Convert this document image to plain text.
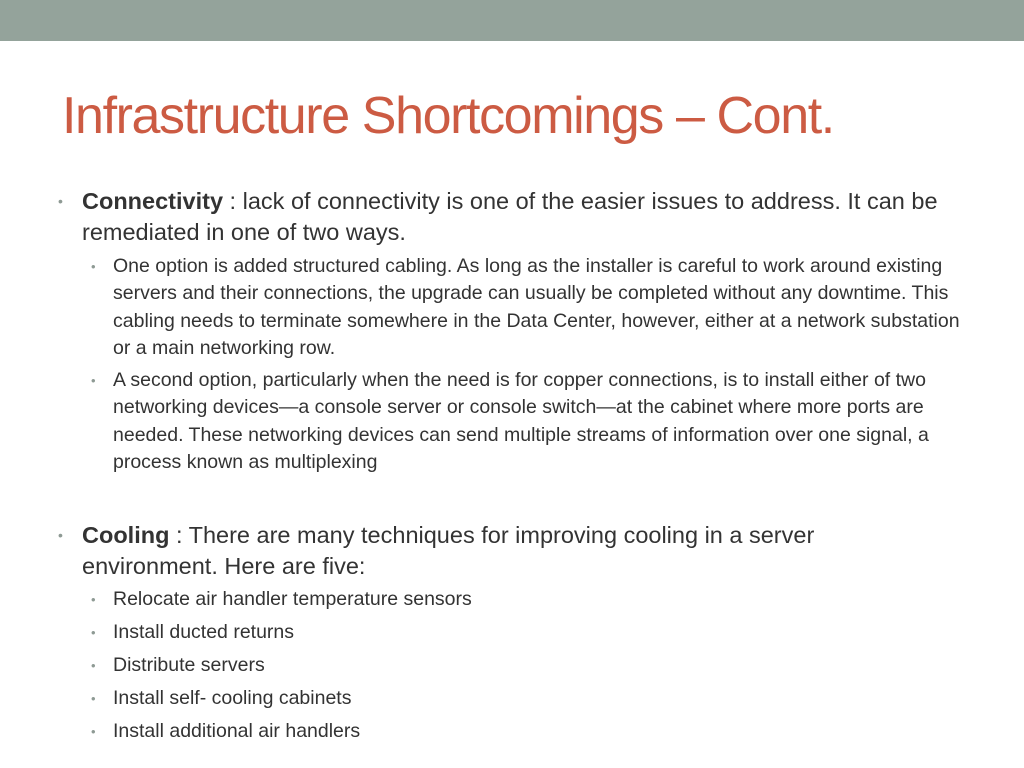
Infrastructure Shortcomings – Cont.
• Connectivity : lack of connectivity is one of the easier issues to address. It can be remediated in one of two ways.
• One option is added structured cabling. As long as the installer is careful to work around existing servers and their connections, the upgrade can usually be completed without any downtime. This cabling needs to terminate somewhere in the Data Center, however, either at a network substation or a main networking row.
• A second option, particularly when the need is for copper connections, is to install either of two networking devices—a console server or console switch—at the cabinet where more ports are needed. These networking devices can send multiple streams of information over one signal, a process known as multiplexing
• Cooling : There are many techniques for improving cooling in a server environment. Here are five:
• Relocate air handler temperature sensors
• Install ducted returns
• Distribute servers
• Install self- cooling cabinets
• Install additional air handlers
